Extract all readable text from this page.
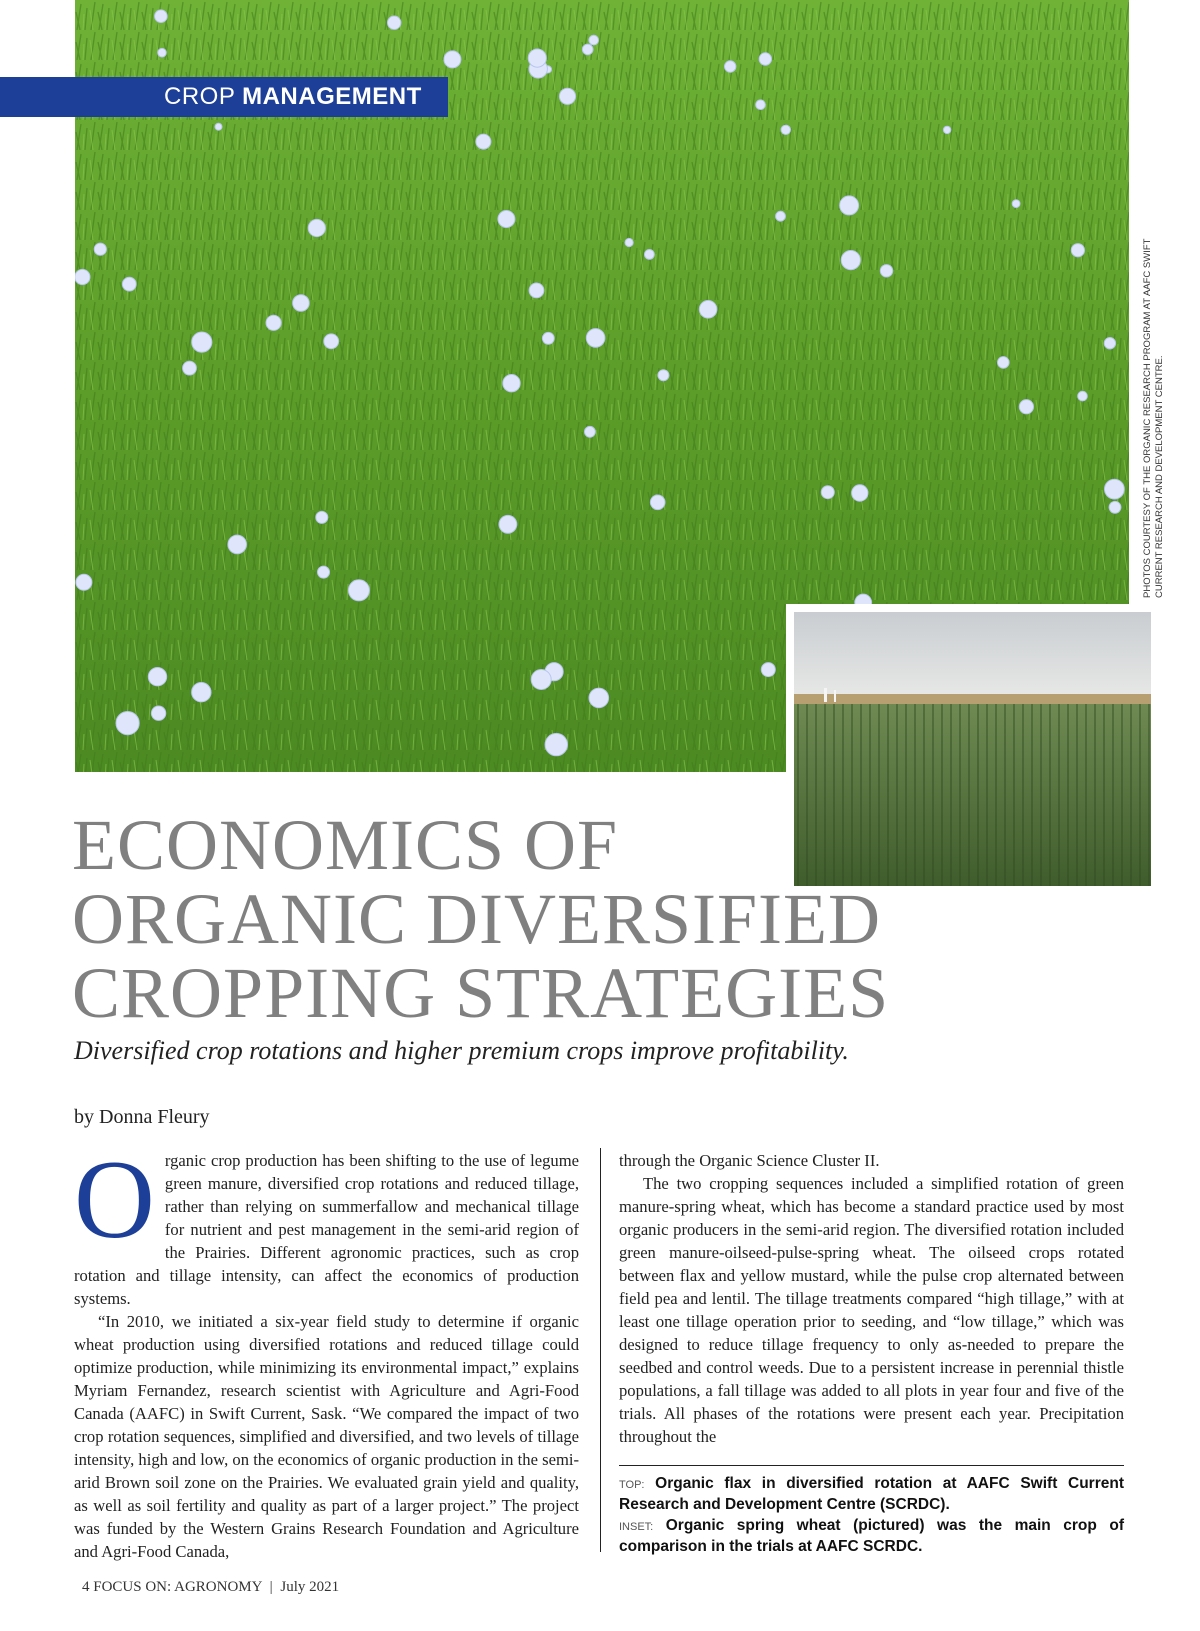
CROP MANAGEMENT
PHOTOS COURTESY OF THE ORGANIC RESEARCH PROGRAM AT AAFC SWIFT CURRENT RESEARCH AND DEVELOPMENT CENTRE.
ECONOMICS OF
ORGANIC DIVERSIFIED
CROPPING STRATEGIES
Diversified crop rotations and higher premium crops improve profitability.
by Donna Fleury

Organic crop production has been shifting to the use of legume green manure, diversified crop rotations and reduced tillage, rather than relying on summerfallow and mechanical tillage for nutrient and pest management in the semi-arid region of the Prairies. Different agronomic practices, such as crop rotation and tillage intensity, can affect the economics of production systems.

“In 2010, we initiated a six-year field study to determine if organic wheat production using diversified rotations and reduced tillage could optimize production, while minimizing its environmental impact,” explains Myriam Fernandez, research scientist with Agriculture and Agri-Food Canada (AAFC) in Swift Current, Sask. “We compared the impact of two crop rotation sequences, simplified and diversified, and two levels of tillage intensity, high and low, on the economics of organic production in the semi-arid Brown soil zone on the Prairies. We evaluated grain yield and quality, as well as soil fertility and quality as part of a larger project.” The project was funded by the Western Grains Research Foundation and Agriculture and Agri-Food Canada,

through the Organic Science Cluster II.

The two cropping sequences included a simplified rotation of green manure-spring wheat, which has become a standard practice used by most organic producers in the semi-arid region. The diversified rotation included green manure-oilseed-pulse-spring wheat. The oilseed crops rotated between flax and yellow mustard, while the pulse crop alternated between field pea and lentil. The tillage treatments compared “high tillage,” with at least one tillage operation prior to seeding, and “low tillage,” which was designed to reduce tillage frequency to only as-needed to prepare the seedbed and control weeds. Due to a persistent increase in perennial thistle populations, a fall tillage was added to all plots in year four and five of the trials. All phases of the rotations were present each year. Precipitation throughout the

TOP: Organic flax in diversified rotation at AAFC Swift Current Research and Development Centre (SCRDC).

INSET: Organic spring wheat (pictured) was the main crop of comparison in the trials at AAFC SCRDC.

4 FOCUS ON: AGRONOMY | July 2021
